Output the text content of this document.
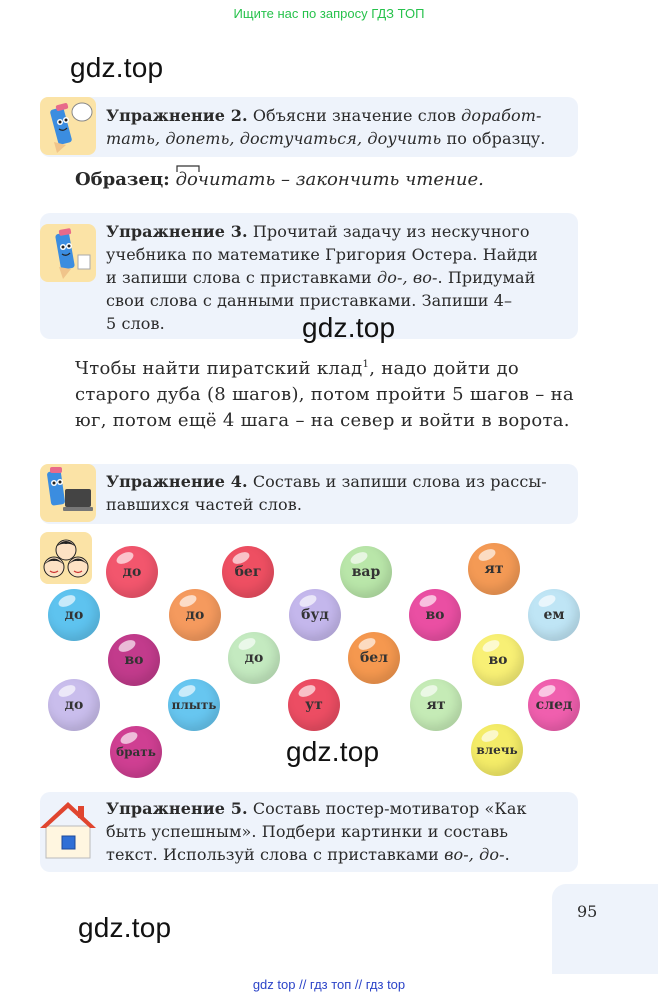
Ищите нас по запросу ГДЗ ТОП
gdz.top
Упражнение 2. Объясни значение слов доработ-
тать, допеть, достучаться, доучить по образцу.
Образец: дочитать – закончить чтение.
Упражнение 3. Прочитай задачу из нескучного
учебника по математике Григория Остера. Найди
и запиши слова с приставками до-, во-. Придумай
свои слова с данными приставками. Запиши 4–
5 слов.	gdz.top
Чтобы найти пиратский клад$^1$, надо дойти до
старого дуба (8 шагов), потом пройти 5 шагов – на
юг, потом ещё 4 шага – на север и войти в ворота.
Упражнение 4. Составь и запиши слова из рассы-
павшихся частей слов.
до	бег	вар	ят
до	до	буд	во	ем
во	до	бел	во
до	плыть	ут	ят	след
брать	влечь
gdz.top
Упражнение 5. Составь постер-мотиватор «Как
быть успешным». Подбери картинки и составь
текст. Используй слова с приставками во-, до-.
95
gdz.top
gdz top // гдз топ // гдз top
